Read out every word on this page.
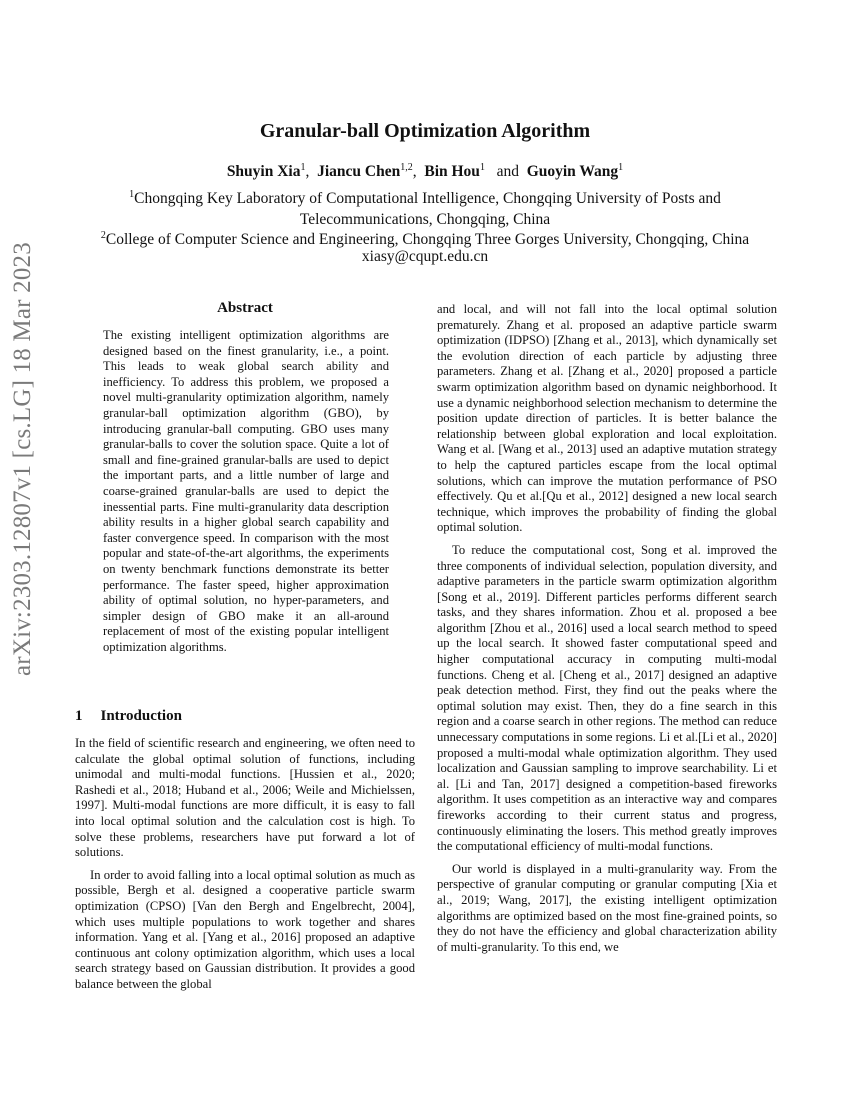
arXiv:2303.12807v1 [cs.LG] 18 Mar 2023
Granular-ball Optimization Algorithm
Shuyin Xia$^1$,  Jiancu Chen$^{1,2}$,  Bin Hou$^1$ and Guoyin Wang$^1$
$^1$Chongqing Key Laboratory of Computational Intelligence, Chongqing University of Posts and Telecommunications, Chongqing, China
$^2$College of Computer Science and Engineering, Chongqing Three Gorges University, Chongqing, China
xiasy@cqupt.edu.cn
Abstract

The existing intelligent optimization algorithms are designed based on the finest granularity, i.e., a point. This leads to weak global search ability and inefficiency. To address this problem, we proposed a novel multi-granularity optimization algorithm, namely granular-ball optimization algorithm (GBO), by introducing granular-ball computing. GBO uses many granular-balls to cover the solution space. Quite a lot of small and fine-grained granular-balls are used to depict the important parts, and a little number of large and coarse-grained granular-balls are used to depict the inessential parts. Fine multi-granularity data description ability results in a higher global search capability and faster convergence speed. In comparison with the most popular and state-of-the-art algorithms, the experiments on twenty benchmark functions demonstrate its better performance. The faster speed, higher approximation ability of optimal solution, no hyper-parameters, and simpler design of GBO make it an all-around replacement of most of the existing popular intelligent optimization algorithms.

1 Introduction

In the field of scientific research and engineering, we often need to calculate the global optimal solution of functions, including unimodal and multi-modal functions. [Hussien et al., 2020; Rashedi et al., 2018; Huband et al., 2006; Weile and Michielssen, 1997]. Multi-modal functions are more difficult, it is easy to fall into local optimal solution and the calculation cost is high. To solve these problems, researchers have put forward a lot of solutions.

In order to avoid falling into a local optimal solution as much as possible, Bergh et al. designed a cooperative particle swarm optimization (CPSO) [Van den Bergh and Engelbrecht, 2004], which uses multiple populations to work together and shares information. Yang et al. [Yang et al., 2016] proposed an adaptive continuous ant colony optimization algorithm, which uses a local search strategy based on Gaussian distribution. It provides a good balance between the global

and local, and will not fall into the local optimal solution prematurely. Zhang et al. proposed an adaptive particle swarm optimization (IDPSO) [Zhang et al., 2013], which dynamically set the evolution direction of each particle by adjusting three parameters. Zhang et al. [Zhang et al., 2020] proposed a particle swarm optimization algorithm based on dynamic neighborhood. It use a dynamic neighborhood selection mechanism to determine the position update direction of particles. It is better balance the relationship between global exploration and local exploitation. Wang et al. [Wang et al., 2013] used an adaptive mutation strategy to help the captured particles escape from the local optimal solutions, which can improve the mutation performance of PSO effectively. Qu et al.[Qu et al., 2012] designed a new local search technique, which improves the probability of finding the global optimal solution.

To reduce the computational cost, Song et al. improved the three components of individual selection, population diversity, and adaptive parameters in the particle swarm optimization algorithm [Song et al., 2019]. Different particles performs different search tasks, and they shares information. Zhou et al. proposed a bee algorithm [Zhou et al., 2016] used a local search method to speed up the local search. It showed faster computational speed and higher computational accuracy in computing multi-modal functions. Cheng et al. [Cheng et al., 2017] designed an adaptive peak detection method. First, they find out the peaks where the optimal solution may exist. Then, they do a fine search in this region and a coarse search in other regions. The method can reduce unnecessary computations in some regions. Li et al.[Li et al., 2020] proposed a multi-modal whale optimization algorithm. They used localization and Gaussian sampling to improve searchability. Li et al. [Li and Tan, 2017] designed a competition-based fireworks algorithm. It uses competition as an interactive way and compares fireworks according to their current status and progress, continuously eliminating the losers. This method greatly improves the computational efficiency of multi-modal functions.

Our world is displayed in a multi-granularity way. From the perspective of granular computing or granular computing [Xia et al., 2019; Wang, 2017], the existing intelligent optimization algorithms are optimized based on the most fine-grained points, so they do not have the efficiency and global characterization ability of multi-granularity. To this end, we
